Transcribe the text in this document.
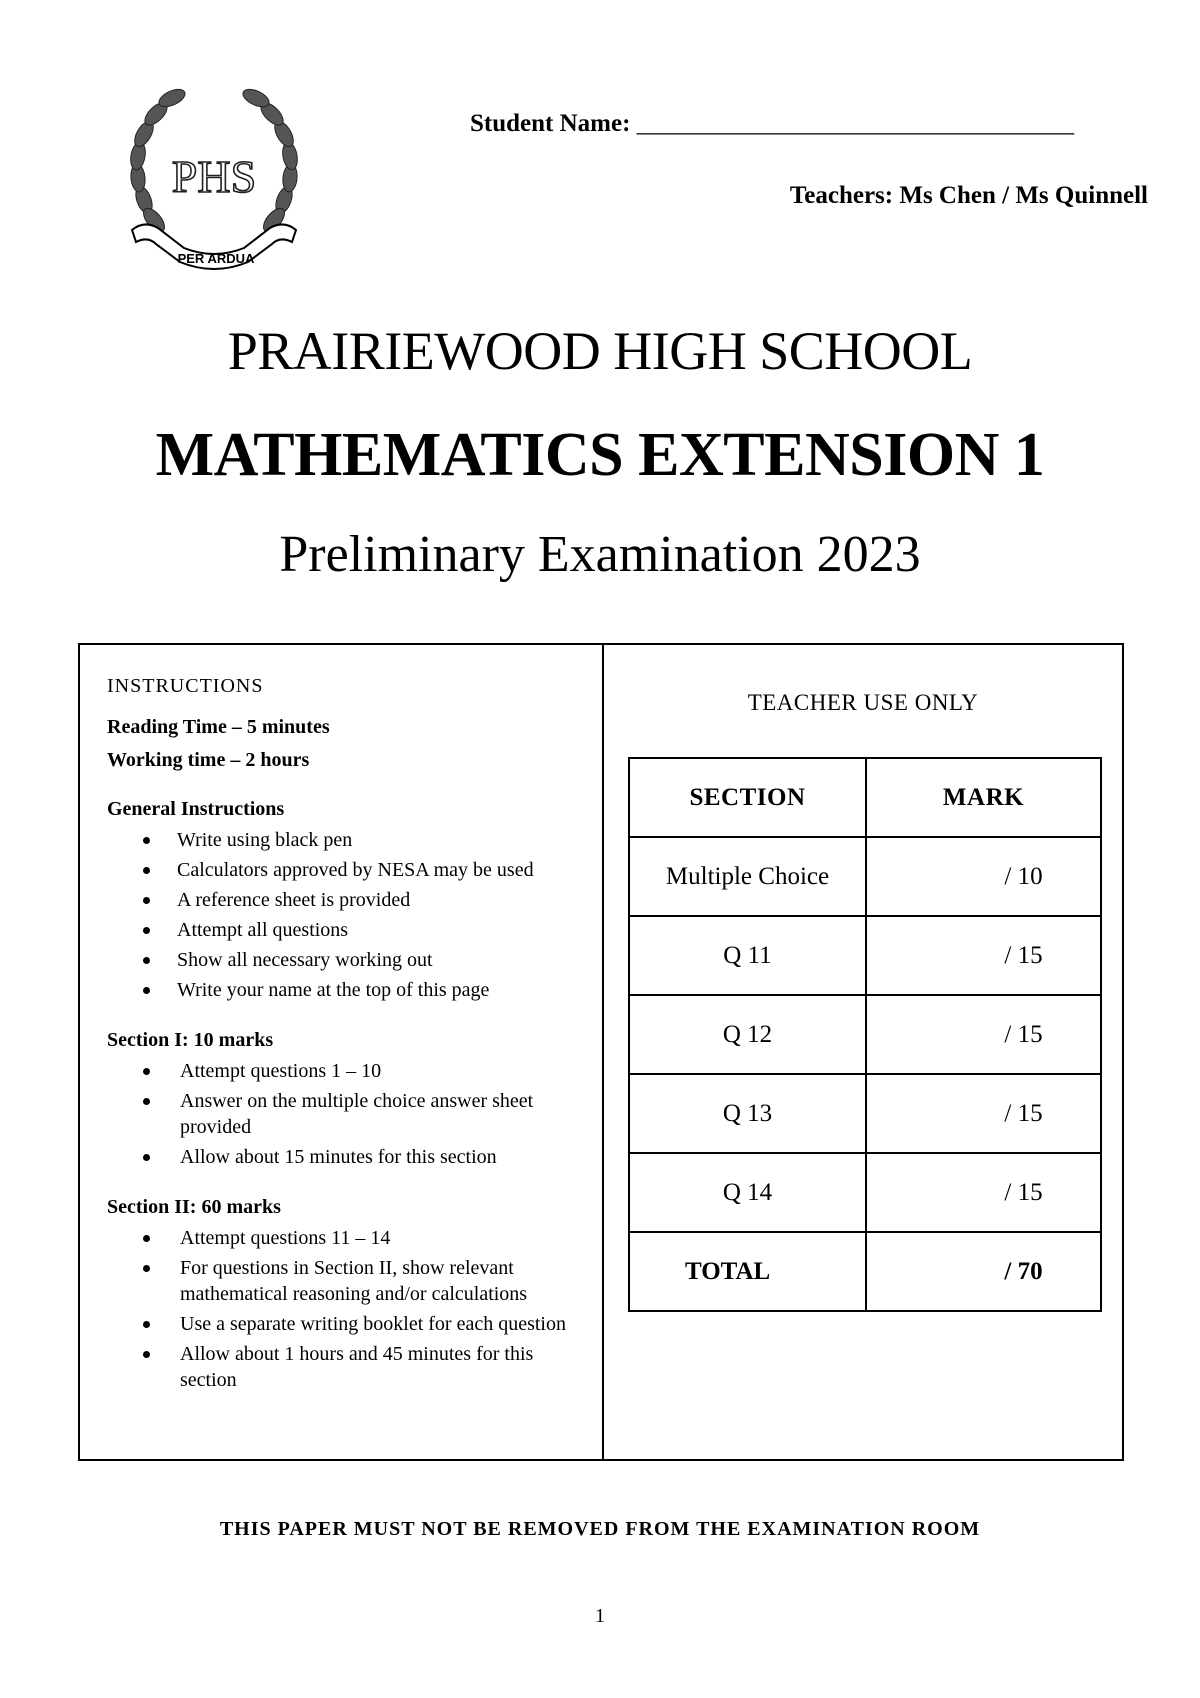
PHS
PER ARDUA
Student Name: ___________________________________
Teachers: Ms Chen / Ms Quinnell
PRAIRIEWOOD HIGH SCHOOL
MATHEMATICS EXTENSION 1
Preliminary Examination 2023
INSTRUCTIONS
Reading Time – 5 minutes
Working time – 2 hours
General Instructions
Write using black pen
Calculators approved by NESA may be used
A reference sheet is provided
Attempt all questions
Show all necessary working out
Write your name at the top of this page
Section I: 10 marks
Attempt questions 1 – 10
Answer on the multiple choice answer sheet provided
Allow about 15 minutes for this section
Section II: 60 marks
Attempt questions 11 – 14
For questions in Section II, show relevant mathematical reasoning and/or calculations
Use a separate writing booklet for each question
Allow about 1 hours and 45 minutes for this section
TEACHER USE ONLY
SECTION	MARK
Multiple Choice	/ 10
Q 11	/ 15
Q 12	/ 15
Q 13	/ 15
Q 14	/ 15
TOTAL	/ 70
THIS PAPER MUST NOT BE REMOVED FROM THE EXAMINATION ROOM
1
